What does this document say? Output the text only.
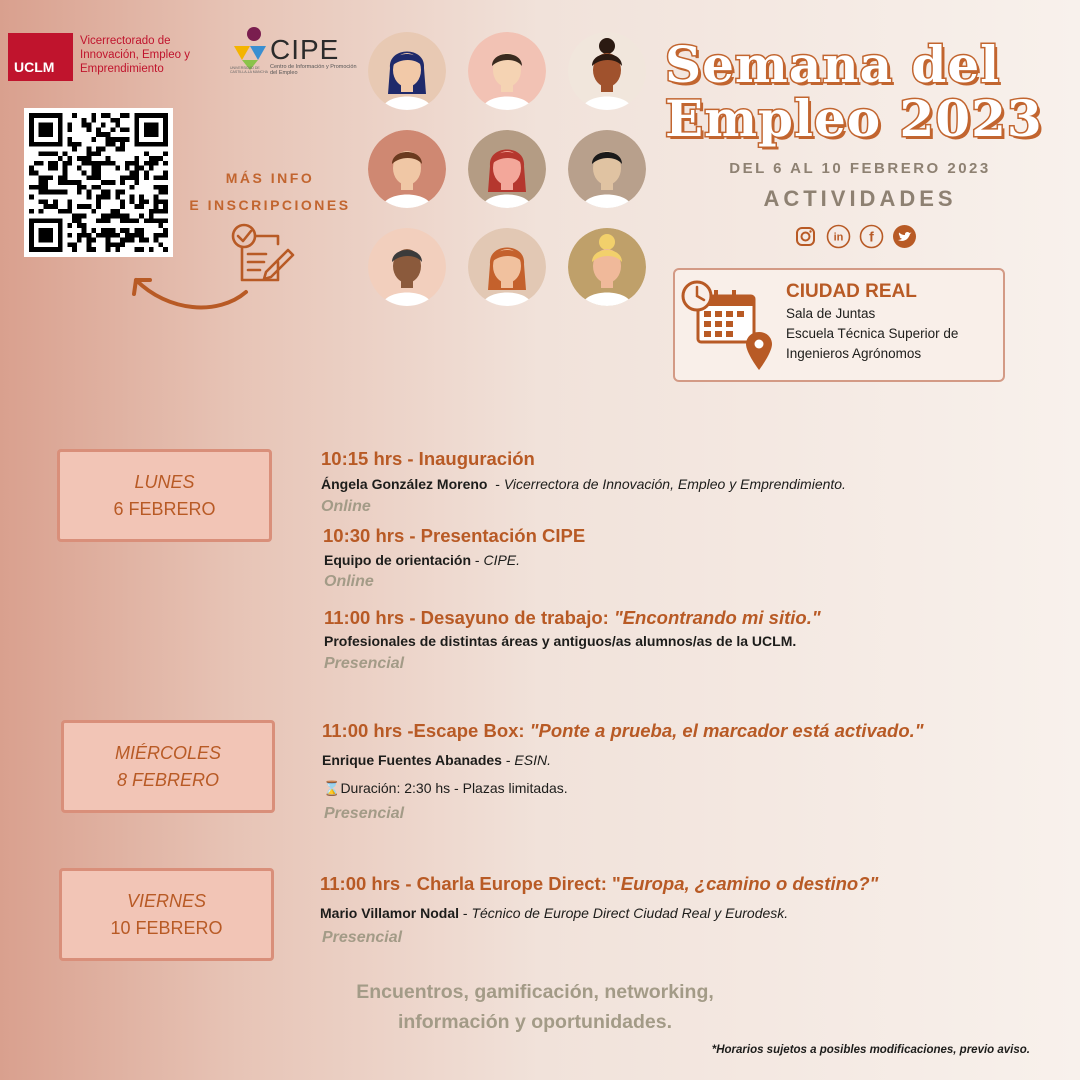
UCLM
Vicerrectorado de Innovación, Empleo y Emprendimiento
CIPE
Centro de Información y Promoción del Empleo
UNIVERSIDAD DE CASTILLA-LA MANCHA
MÁS INFO
E INSCRIPCIONES
Semana del
Empleo 2023
DEL 6 AL 10 FEBRERO 2023
ACTIVIDADES
in f
CIUDAD REAL
Sala de Juntas
Escuela Técnica Superior de
Ingenieros Agrónomos
LUNES
6 FEBRERO
10:15 hrs - Inauguración
Ángela González Moreno  - Vicerrectora de Innovación, Empleo y Emprendimiento.
Online
10:30 hrs - Presentación CIPE
Equipo de orientación - CIPE.
Online
11:00 hrs - Desayuno de trabajo: "Encontrando mi sitio."
Profesionales de distintas áreas y antiguos/as alumnos/as de la UCLM.
Presencial
MIÉRCOLES
8 FEBRERO
11:00 hrs -Escape Box: "Ponte a prueba, el marcador está activado."
Enrique Fuentes Abanades - ESIN.
⌛Duración: 2:30 hs - Plazas limitadas.
Presencial
VIERNES
10 FEBRERO
11:00 hrs - Charla Europe Direct: "Europa, ¿camino o destino?"
Mario Villamor Nodal - Técnico de Europe Direct Ciudad Real y Eurodesk.
Presencial
Encuentros, gamificación, networking,
información y oportunidades.
*Horarios sujetos a posibles modificaciones, previo aviso.
